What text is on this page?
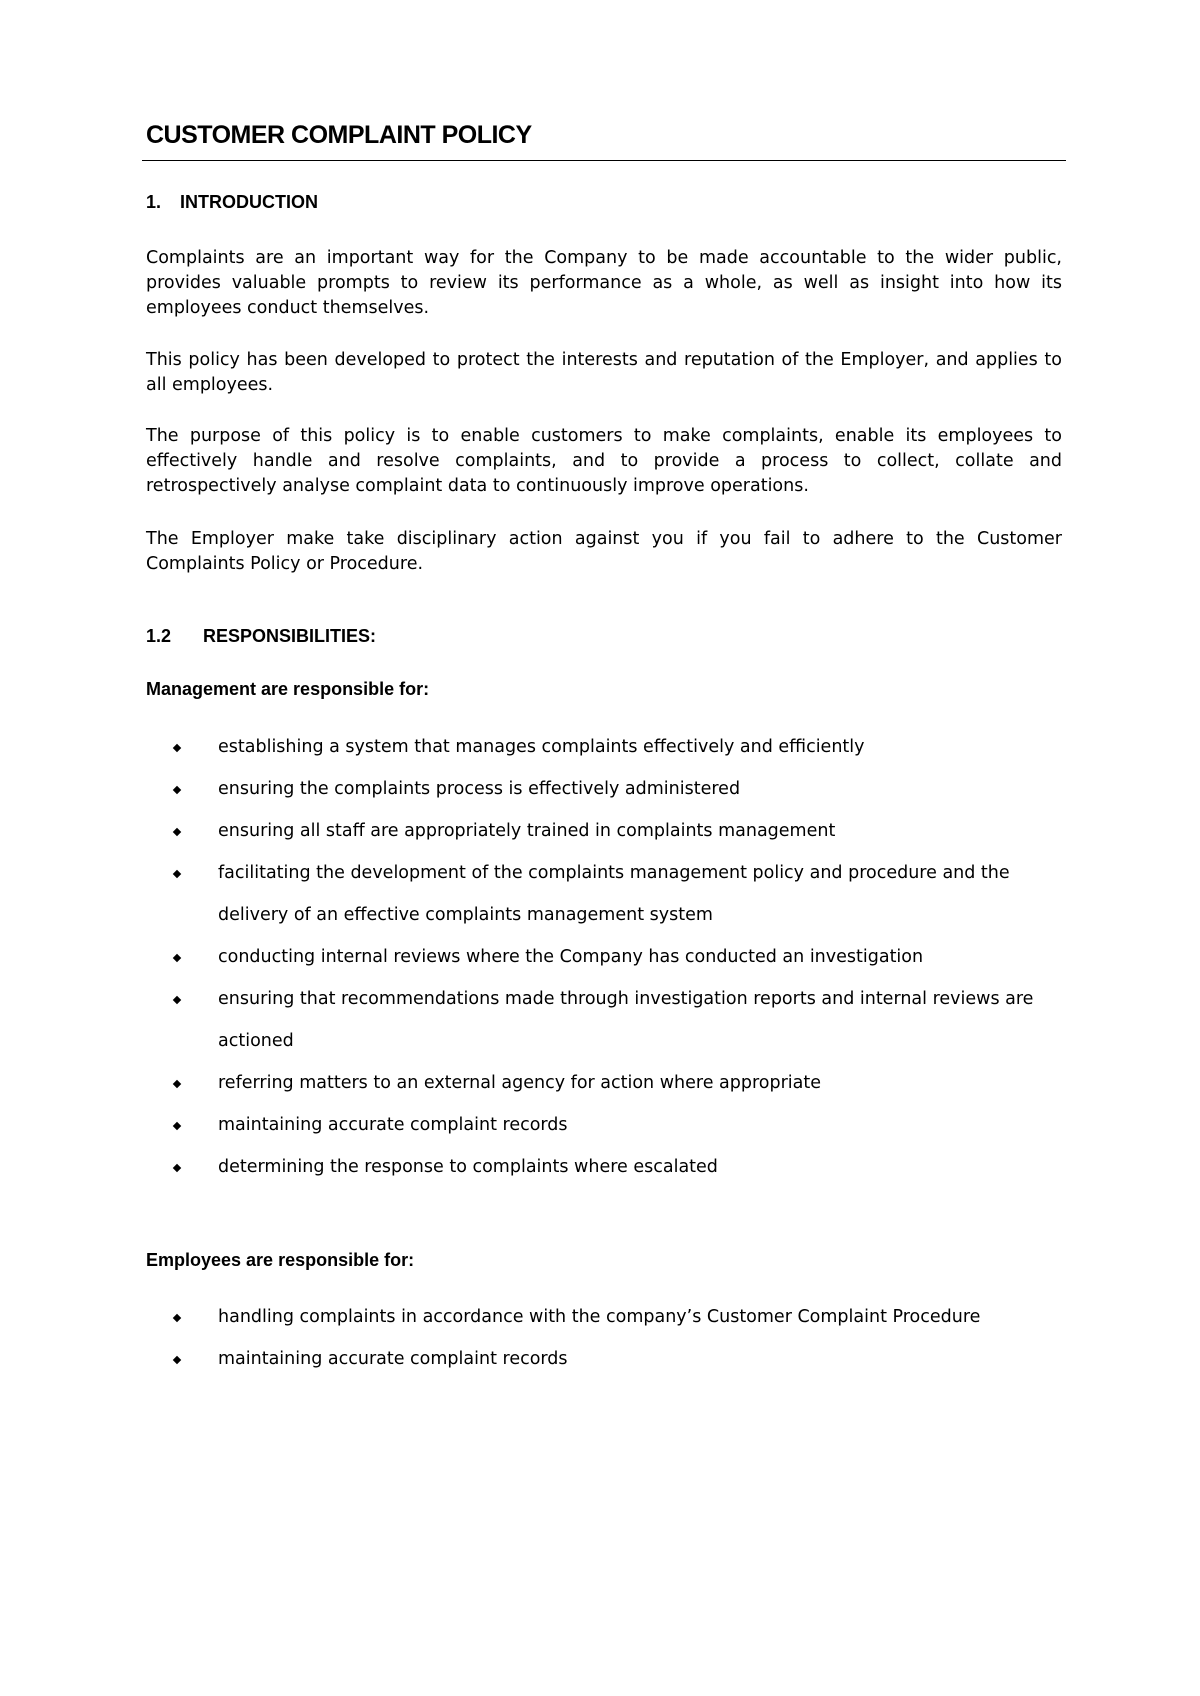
CUSTOMER COMPLAINT POLICY
1. INTRODUCTION

Complaints are an important way for the Company to be made accountable to the wider public, provides valuable prompts to review its performance as a whole, as well as insight into how its employees conduct themselves.

This policy has been developed to protect the interests and reputation of the Employer, and applies to all employees.

The purpose of this policy is to enable customers to make complaints, enable its employees to effectively handle and resolve complaints, and to provide a process to collect, collate and retrospectively analyse complaint data to continuously improve operations.

The Employer make take disciplinary action against you if you fail to adhere to the Customer Complaints Policy or Procedure.

1.2 RESPONSIBILITIES:

Management are responsible for:

establishing a system that manages complaints effectively and efficiently
ensuring the complaints process is effectively administered
ensuring all staff are appropriately trained in complaints management
facilitating the development of the complaints management policy and procedure and the delivery of an effective complaints management system
conducting internal reviews where the Company has conducted an investigation
ensuring that recommendations made through investigation reports and internal reviews are actioned
referring matters to an external agency for action where appropriate
maintaining accurate complaint records
determining the response to complaints where escalated

Employees are responsible for:

handling complaints in accordance with the company’s Customer Complaint Procedure
maintaining accurate complaint records
